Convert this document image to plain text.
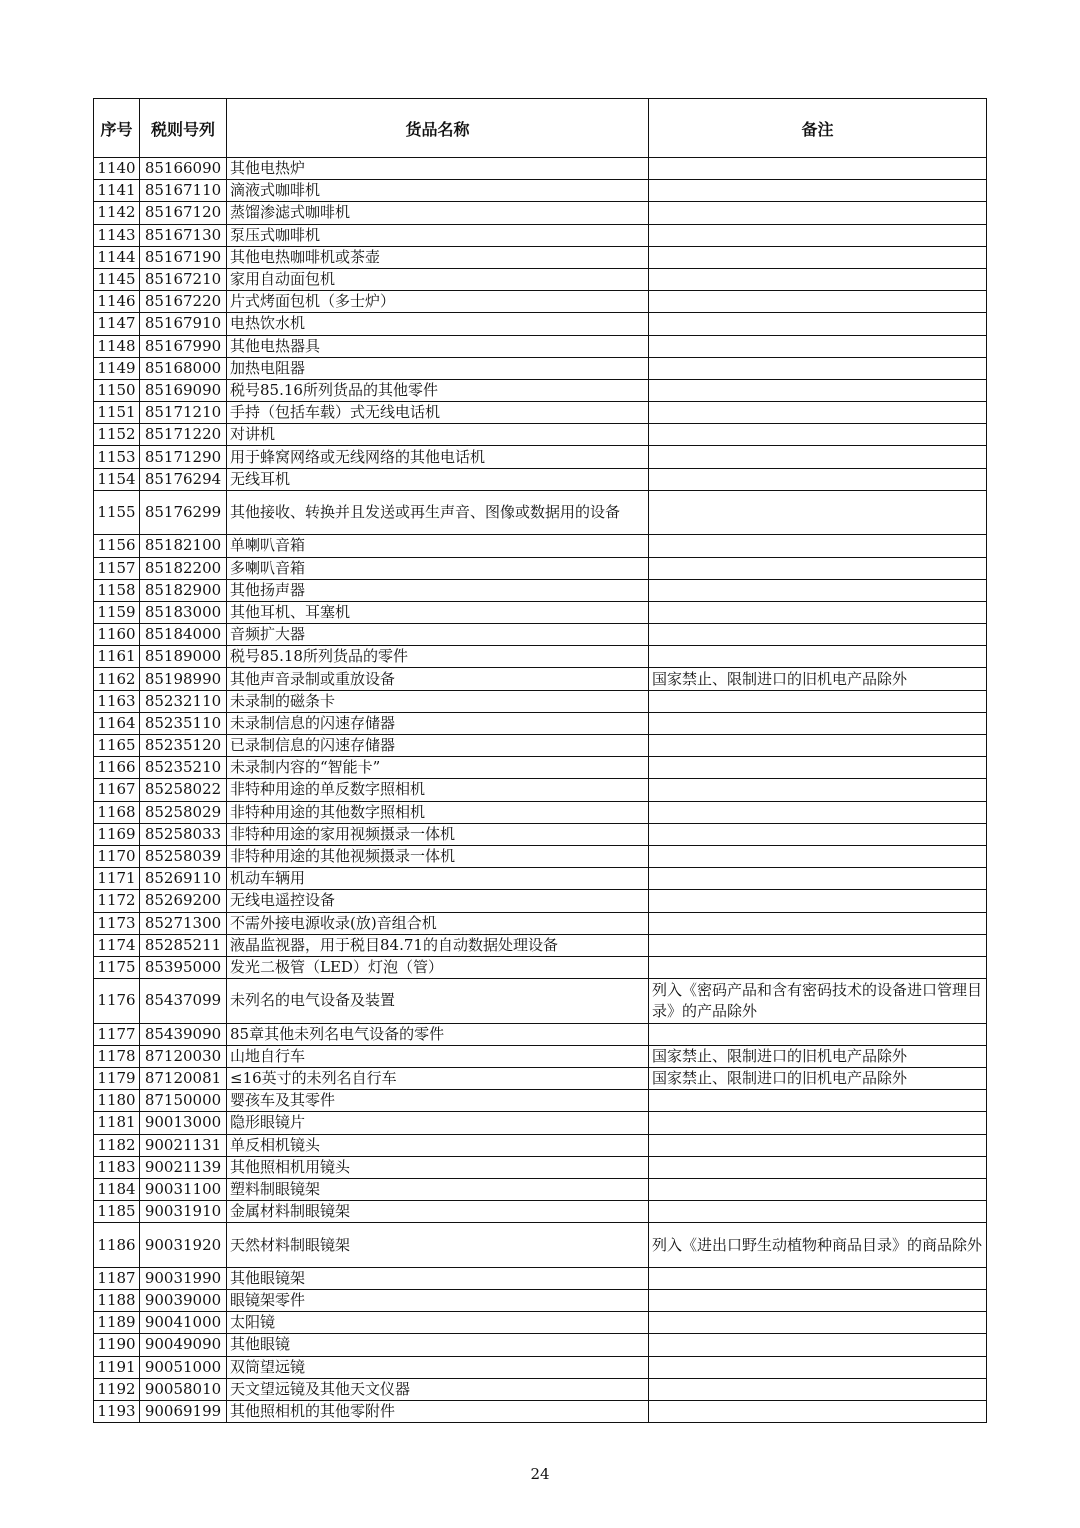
序号	税则号列	货品名称	备注
1140	85166090	其他电热炉	
1141	85167110	滴液式咖啡机	
1142	85167120	蒸馏渗滤式咖啡机	
1143	85167130	泵压式咖啡机	
1144	85167190	其他电热咖啡机或茶壶	
1145	85167210	家用自动面包机	
1146	85167220	片式烤面包机（多士炉）	
1147	85167910	电热饮水机	
1148	85167990	其他电热器具	
1149	85168000	加热电阻器	
1150	85169090	税号85.16所列货品的其他零件	
1151	85171210	手持（包括车载）式无线电话机	
1152	85171220	对讲机	
1153	85171290	用于蜂窝网络或无线网络的其他电话机	
1154	85176294	无线耳机	
1155	85176299	其他接收、转换并且发送或再生声音、图像或数据用的设备	
1156	85182100	单喇叭音箱	
1157	85182200	多喇叭音箱	
1158	85182900	其他扬声器	
1159	85183000	其他耳机、耳塞机	
1160	85184000	音频扩大器	
1161	85189000	税号85.18所列货品的零件	
1162	85198990	其他声音录制或重放设备	国家禁止、限制进口的旧机电产品除外
1163	85232110	未录制的磁条卡	
1164	85235110	未录制信息的闪速存储器	
1165	85235120	已录制信息的闪速存储器	
1166	85235210	未录制内容的“智能卡”	
1167	85258022	非特种用途的单反数字照相机	
1168	85258029	非特种用途的其他数字照相机	
1169	85258033	非特种用途的家用视频摄录一体机	
1170	85258039	非特种用途的其他视频摄录一体机	
1171	85269110	机动车辆用	
1172	85269200	无线电遥控设备	
1173	85271300	不需外接电源收录(放)音组合机	
1174	85285211	液晶监视器，用于税目84.71的自动数据处理设备	
1175	85395000	发光二极管（LED）灯泡（管）	
1176	85437099	未列名的电气设备及装置	列入《密码产品和含有密码技术的设备进口管理目录》的产品除外
1177	85439090	85章其他未列名电气设备的零件	
1178	87120030	山地自行车	国家禁止、限制进口的旧机电产品除外
1179	87120081	≤16英寸的未列名自行车	国家禁止、限制进口的旧机电产品除外
1180	87150000	婴孩车及其零件	
1181	90013000	隐形眼镜片	
1182	90021131	单反相机镜头	
1183	90021139	其他照相机用镜头	
1184	90031100	塑料制眼镜架	
1185	90031910	金属材料制眼镜架	
1186	90031920	天然材料制眼镜架	列入《进出口野生动植物种商品目录》的商品除外
1187	90031990	其他眼镜架	
1188	90039000	眼镜架零件	
1189	90041000	太阳镜	
1190	90049090	其他眼镜	
1191	90051000	双筒望远镜	
1192	90058010	天文望远镜及其他天文仪器	
1193	90069199	其他照相机的其他零附件	
24
